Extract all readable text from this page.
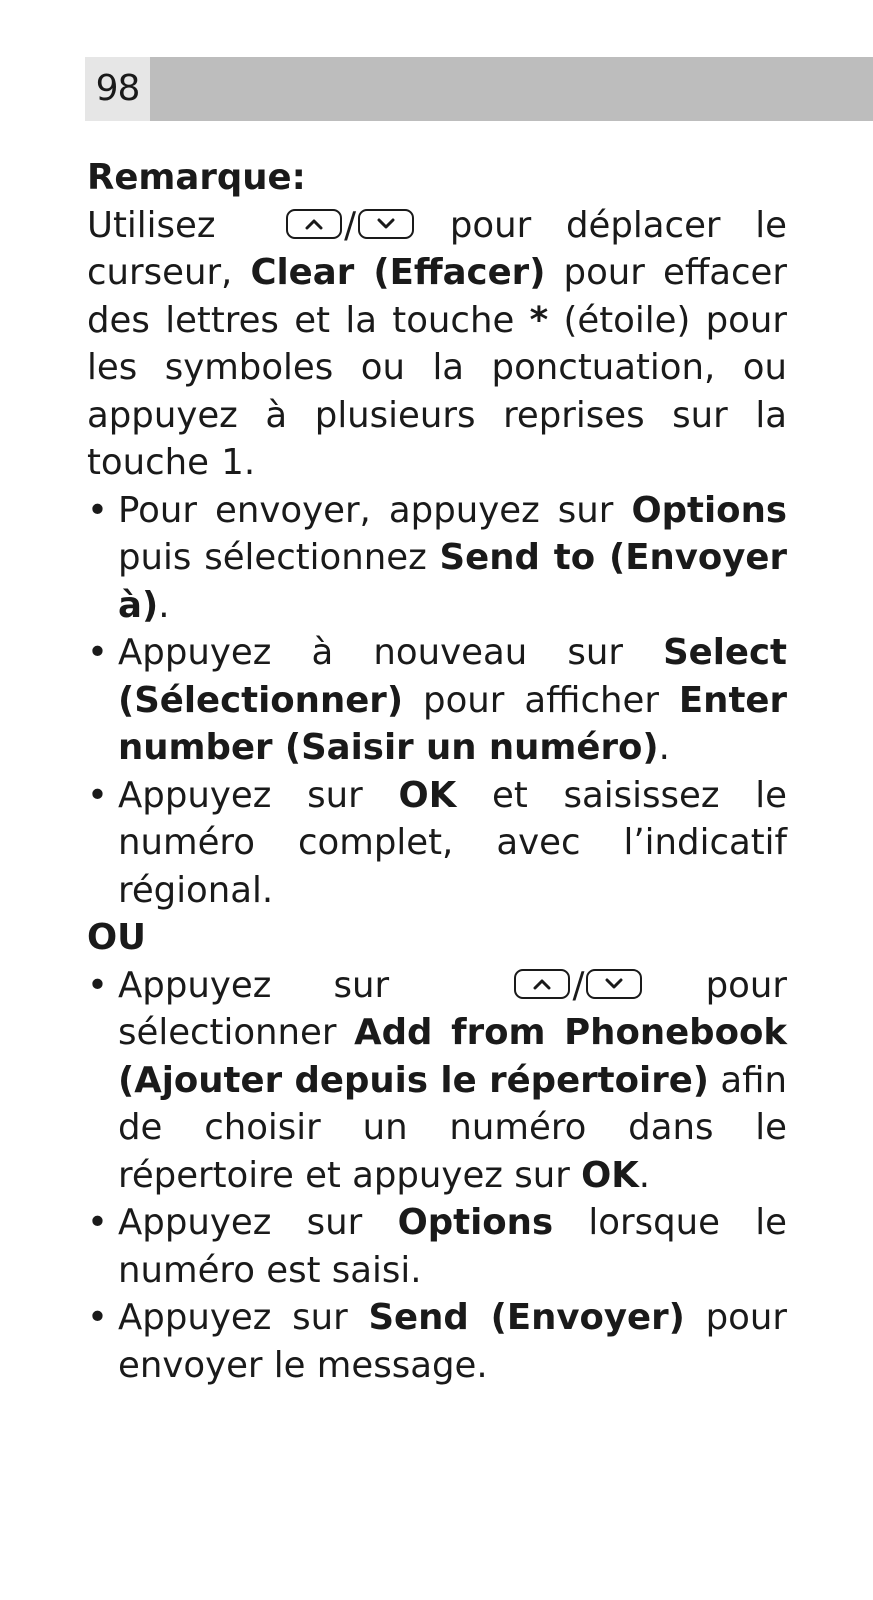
98
Remarque:
Utilisez	/	pour déplacer le curseur, Clear (Effacer) pour effacer des lettres et la touche * (étoile) pour les symboles ou la ponctuation, ou appuyez à plusieurs reprises sur la touche 1.
• Pour envoyer, appuyez sur Options puis sélectionnez Send to (Envoyer à).
• Appuyez à nouveau sur Select (Sélectionner) pour afficher Enter number (Saisir un numéro).
• Appuyez sur OK et saisissez le numéro complet, avec l’indicatif régional.
OU
• Appuyez sur	/	pour sélectionner Add from Phonebook (Ajouter depuis le répertoire) afin de choisir un numéro dans le répertoire et appuyez sur OK.
• Appuyez sur Options lorsque le numéro est saisi.
• Appuyez sur Send (Envoyer) pour envoyer le message.
